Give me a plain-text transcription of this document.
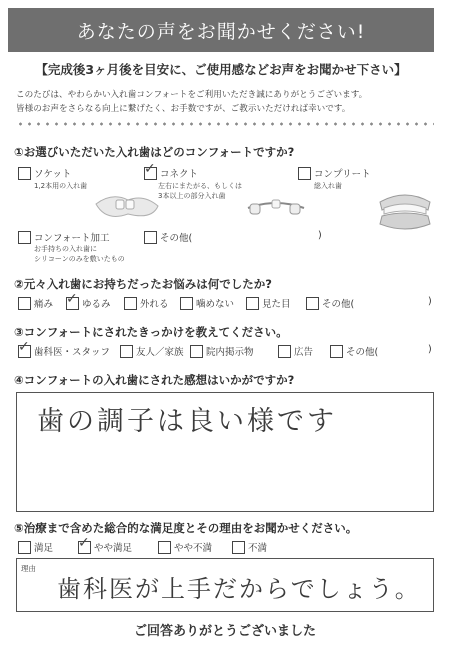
あなたの声をお聞かせください!
【完成後3ヶ月後を目安に、ご使用感などお声をお聞かせ下さい】
このたびは、やわらかい入れ歯コンフォートをご利用いただき誠にありがとうございます。
皆様のお声をさらなる向上に繋げたく、お手数ですが、ご教示いただければ幸いです。
①お選びいただいた入れ歯はどのコンフォートですか?
ソケット
1,2本用の入れ歯
✓ コネクト
左右にまたがる、もしくは
3本以上の部分入れ歯
コンプリート
総入れ歯
コンフォート加工
お手持ちの入れ歯に
シリコーンのみを敷いたもの
その他(	)
②元々入れ歯にお持ちだったお悩みは何でしたか?
痛み ✓ ゆるみ	外れる	噛めない	見た目	その他(	)
③コンフォートにされたきっかけを教えてください。
✓ 歯科医・スタッフ	友人／家族 院内掲示物	広告	その他(	)
④コンフォートの入れ歯にされた感想はいかがですか?
歯の調子は良い様です
⑤治療まで含めた総合的な満足度とその理由をお聞かせください。
満足 ✓ やや満足	やや不満	不満
理由
歯科医が上手だからでしょう。
ご回答ありがとうございました
